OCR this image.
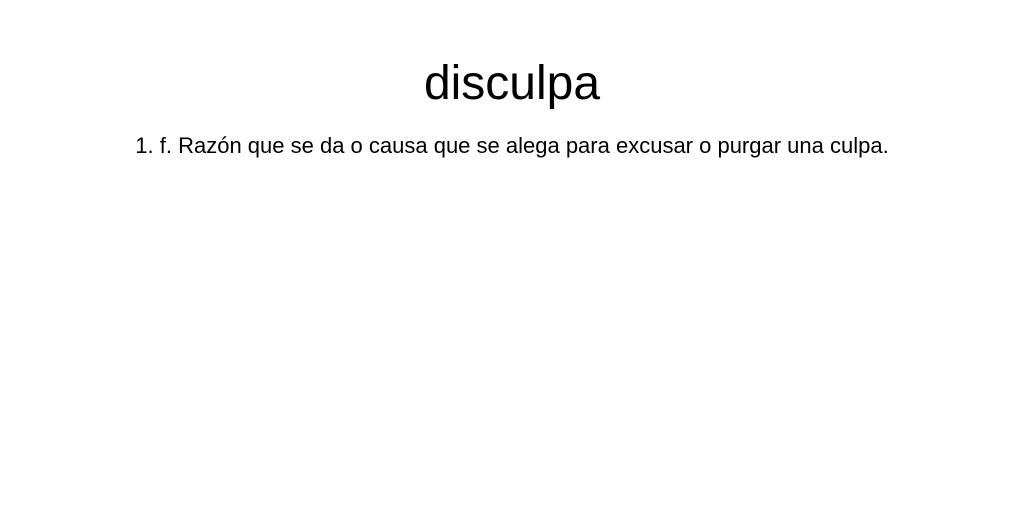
disculpa

1. f. Razón que se da o causa que se alega para excusar o purgar una culpa.
